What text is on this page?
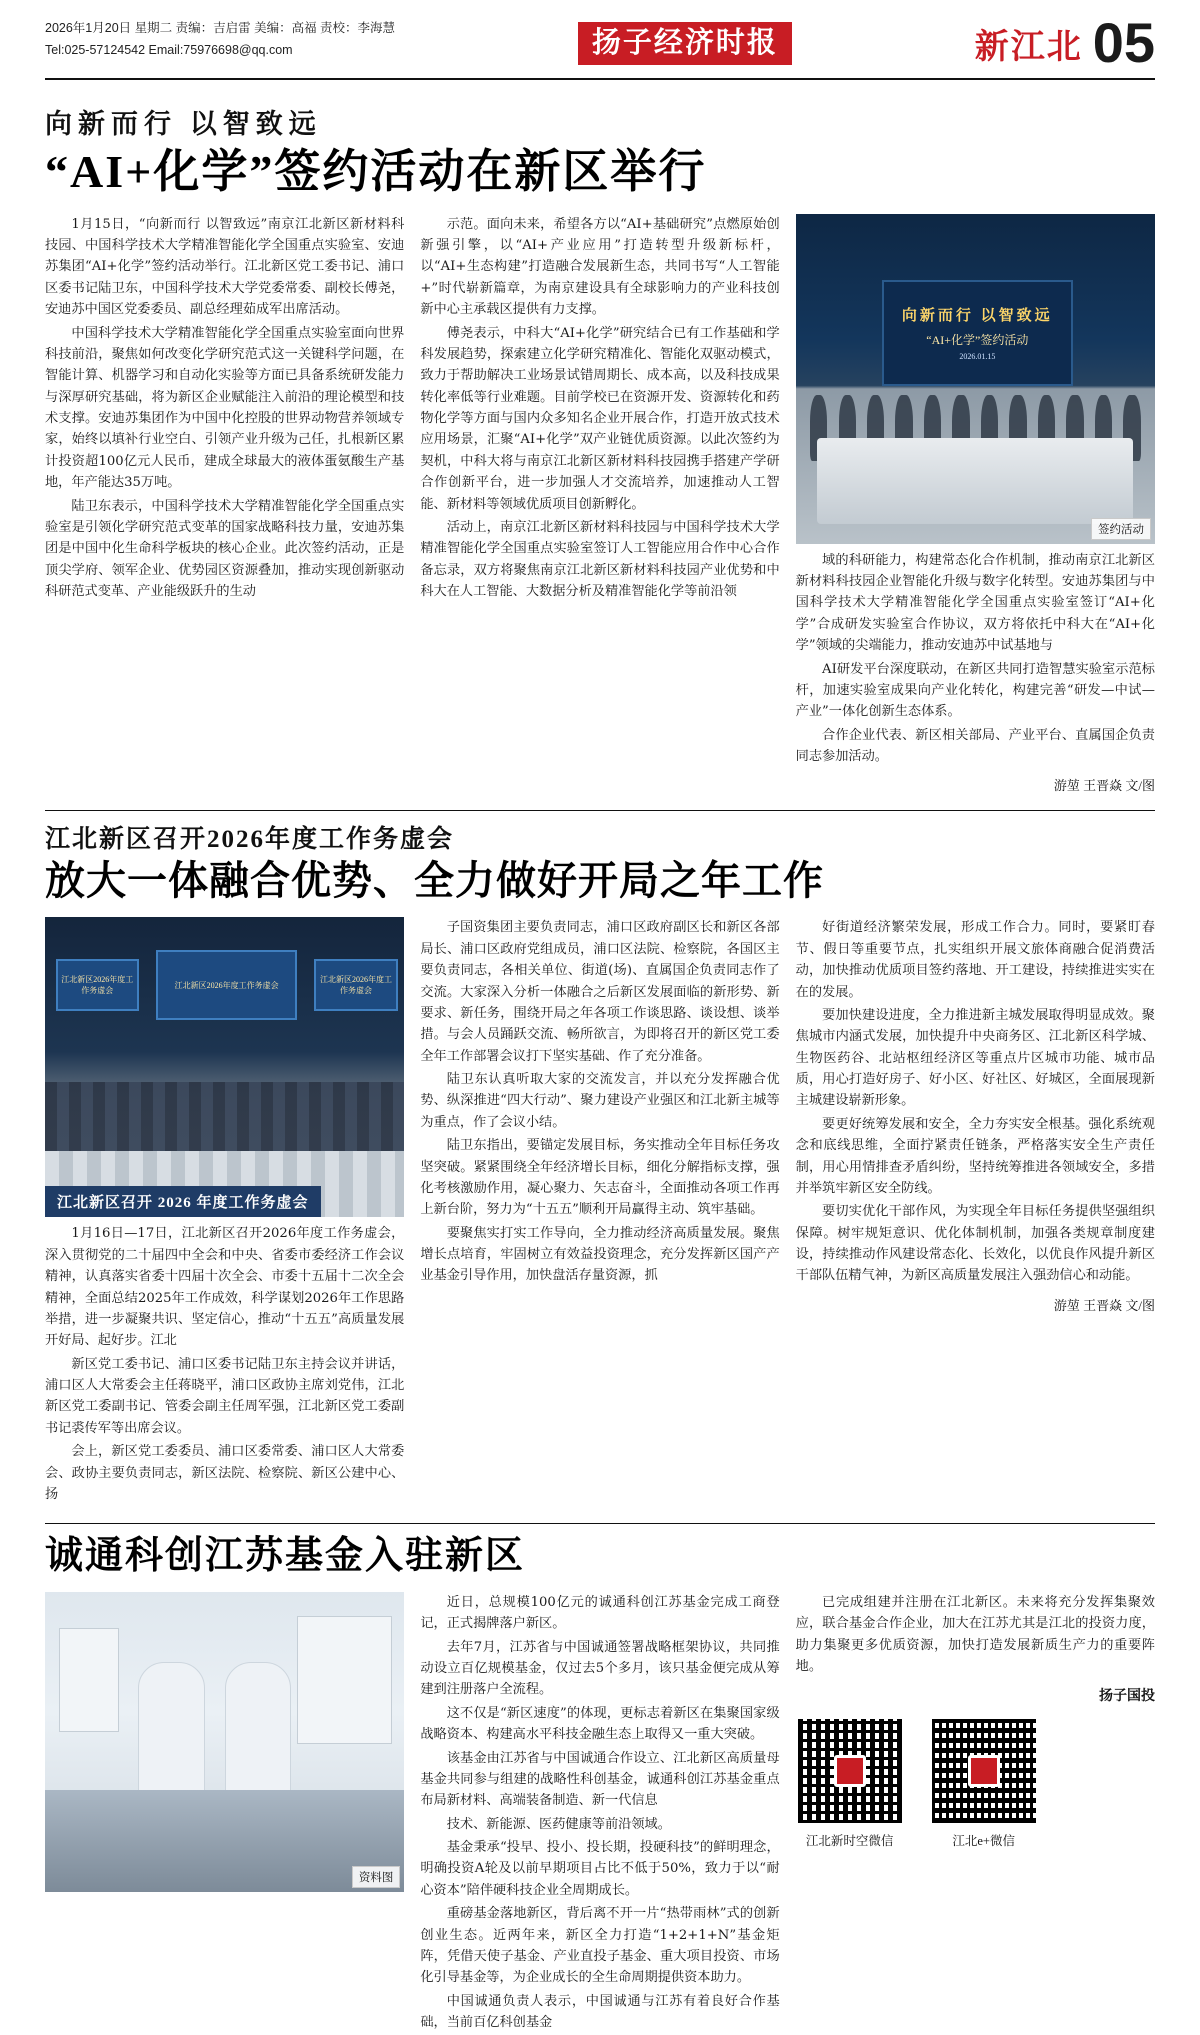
2026年1月20日 星期二 责编：吉启雷 美编：高福 责校：李海慧
Tel:025-57124542 Email:75976698@qq.com	扬子经济时报	新江北 05
向新而行 以智致远
“AI+化学”签约活动在新区举行

1月15日，“向新而行 以智致远”南京江北新区新材料科技园、中国科学技术大学精准智能化学全国重点实验室、安迪苏集团“AI+化学”签约活动举行。江北新区党工委书记、浦口区委书记陆卫东，中国科学技术大学党委常委、副校长傅尧，安迪苏中国区党委委员、副总经理茹成军出席活动。

中国科学技术大学精准智能化学全国重点实验室面向世界科技前沿，聚焦如何改变化学研究范式这一关键科学问题，在智能计算、机器学习和自动化实验等方面已具备系统研发能力与深厚研究基础，将为新区企业赋能注入前沿的理论模型和技术支撑。安迪苏集团作为中国中化控股的世界动物营养领域专家，始终以填补行业空白、引领产业升级为己任，扎根新区累计投资超100亿元人民币，建成全球最大的液体蛋氨酸生产基地，年产能达35万吨。

陆卫东表示，中国科学技术大学精准智能化学全国重点实验室是引领化学研究范式变革的国家战略科技力量，安迪苏集团是中国中化生命科学板块的核心企业。此次签约活动，正是顶尖学府、领军企业、优势园区资源叠加，推动实现创新驱动科研范式变革、产业能级跃升的生动

示范。面向未来，希望各方以“AI+基础研究”点燃原始创新强引擎，以“AI+产业应用”打造转型升级新标杆，以“AI+生态构建”打造融合发展新生态，共同书写“人工智能+”时代崭新篇章，为南京建设具有全球影响力的产业科技创新中心主承载区提供有力支撑。

傅尧表示，中科大“AI+化学”研究结合已有工作基础和学科发展趋势，探索建立化学研究精准化、智能化双驱动模式，致力于帮助解决工业场景试错周期长、成本高，以及科技成果转化率低等行业难题。目前学校已在资源开发、资源转化和药物化学等方面与国内众多知名企业开展合作，打造开放式技术应用场景，汇聚“AI+化学”双产业链优质资源。以此次签约为契机，中科大将与南京江北新区新材料科技园携手搭建产学研合作创新平台，进一步加强人才交流培养，加速推动人工智能、新材料等领域优质项目创新孵化。

活动上，南京江北新区新材料科技园与中国科学技术大学精准智能化学全国重点实验室签订人工智能应用合作中心合作备忘录，双方将聚焦南京江北新区新材料科技园产业优势和中科大在人工智能、大数据分析及精准智能化学等前沿领

向新而行 以智致远
“AI+化学”签约活动
2026.01.15
签约活动

域的科研能力，构建常态化合作机制，推动南京江北新区新材料科技园企业智能化升级与数字化转型。安迪苏集团与中国科学技术大学精准智能化学全国重点实验室签订“AI+化学”合成研发实验室合作协议，双方将依托中科大在“AI+化学”领域的尖端能力，推动安迪苏中试基地与

AI研发平台深度联动，在新区共同打造智慧实验室示范标杆，加速实验室成果向产业化转化，构建完善“研发—中试—产业”一体化创新生态体系。

合作企业代表、新区相关部局、产业平台、直属国企负责同志参加活动。

游堃 王晋焱 文/图
江北新区召开2026年度工作务虚会
放大一体融合优势、全力做好开局之年工作
江北新区2026年度工作务虚会
江北新区2026年度工作务虚会
江北新区2026年度工作务虚会
江北新区召开 2026 年度工作务虚会

1月16日—17日，江北新区召开2026年度工作务虚会，深入贯彻党的二十届四中全会和中央、省委市委经济工作会议精神，认真落实省委十四届十次全会、市委十五届十二次全会精神，全面总结2025年工作成效，科学谋划2026年工作思路举措，进一步凝聚共识、坚定信心，推动“十五五”高质量发展开好局、起好步。江北

新区党工委书记、浦口区委书记陆卫东主持会议并讲话，浦口区人大常委会主任蒋晓平，浦口区政协主席刘党伟，江北新区党工委副书记、管委会副主任周军强，江北新区党工委副书记裘传军等出席会议。

会上，新区党工委委员、浦口区委常委、浦口区人大常委会、政协主要负责同志，新区法院、检察院、新区公建中心、扬

子国资集团主要负责同志，浦口区政府副区长和新区各部局长、浦口区政府党组成员，浦口区法院、检察院，各国区主要负责同志，各相关单位、街道(场)、直属国企负责同志作了交流。大家深入分析一体融合之后新区发展面临的新形势、新要求、新任务，围绕开局之年各项工作谈思路、谈设想、谈举措。与会人员踊跃交流、畅所欲言，为即将召开的新区党工委全年工作部署会议打下坚实基础、作了充分准备。

陆卫东认真听取大家的交流发言，并以充分发挥融合优势、纵深推进“四大行动”、聚力建设产业强区和江北新主城等为重点，作了会议小结。

陆卫东指出，要锚定发展目标，务实推动全年目标任务攻坚突破。紧紧围绕全年经济增长目标，细化分解指标支撑，强化考核激励作用，凝心聚力、矢志奋斗，全面推动各项工作再上新台阶，努力为“十五五”顺利开局赢得主动、筑牢基础。

要聚焦实打实工作导向，全力推动经济高质量发展。聚焦增长点培育，牢固树立有效益投资理念，充分发挥新区国产产业基金引导作用，加快盘活存量资源，抓

好街道经济繁荣发展，形成工作合力。同时，要紧盯春节、假日等重要节点，扎实组织开展文旅体商融合促消费活动，加快推动优质项目签约落地、开工建设，持续推进实实在在的发展。

要加快建设进度，全力推进新主城发展取得明显成效。聚焦城市内涵式发展，加快提升中央商务区、江北新区科学城、生物医药谷、北站枢纽经济区等重点片区城市功能、城市品质，用心打造好房子、好小区、好社区、好城区，全面展现新主城建设崭新形象。

要更好统筹发展和安全，全力夯实安全根基。强化系统观念和底线思维，全面拧紧责任链条，严格落实安全生产责任制，用心用情排查矛盾纠纷，坚持统筹推进各领域安全，多措并举筑牢新区安全防线。

要切实优化干部作风，为实现全年目标任务提供坚强组织保障。树牢规矩意识、优化体制机制，加强各类规章制度建设，持续推动作风建设常态化、长效化，以优良作风提升新区干部队伍精气神，为新区高质量发展注入强劲信心和动能。

游堃 王晋焱 文/图
诚通科创江苏基金入驻新区
资料图

近日，总规模100亿元的诚通科创江苏基金完成工商登记，正式揭牌落户新区。

去年7月，江苏省与中国诚通签署战略框架协议，共同推动设立百亿规模基金，仅过去5个多月，该只基金便完成从筹建到注册落户全流程。

这不仅是“新区速度”的体现，更标志着新区在集聚国家级战略资本、构建高水平科技金融生态上取得又一重大突破。

该基金由江苏省与中国诚通合作设立、江北新区高质量母基金共同参与组建的战略性科创基金，诚通科创江苏基金重点布局新材料、高端装备制造、新一代信息

技术、新能源、医药健康等前沿领域。

基金秉承“投早、投小、投长期，投硬科技”的鲜明理念，明确投资A轮及以前早期项目占比不低于50%，致力于以“耐心资本”陪伴硬科技企业全周期成长。

重磅基金落地新区，背后离不开一片“热带雨林”式的创新创业生态。近两年来，新区全力打造“1+2+1+N”基金矩阵，凭借天使子基金、产业直投子基金、重大项目投资、市场化引导基金等，为企业成长的全生命周期提供资本助力。

中国诚通负责人表示，中国诚通与江苏有着良好合作基础，当前百亿科创基金

已完成组建并注册在江北新区。未来将充分发挥集聚效应，联合基金合作企业，加大在江苏尤其是江北的投资力度，助力集聚更多优质资源，加快打造发展新质生产力的重要阵地。

扬子国投
江北新时空微信	江北e+微信
